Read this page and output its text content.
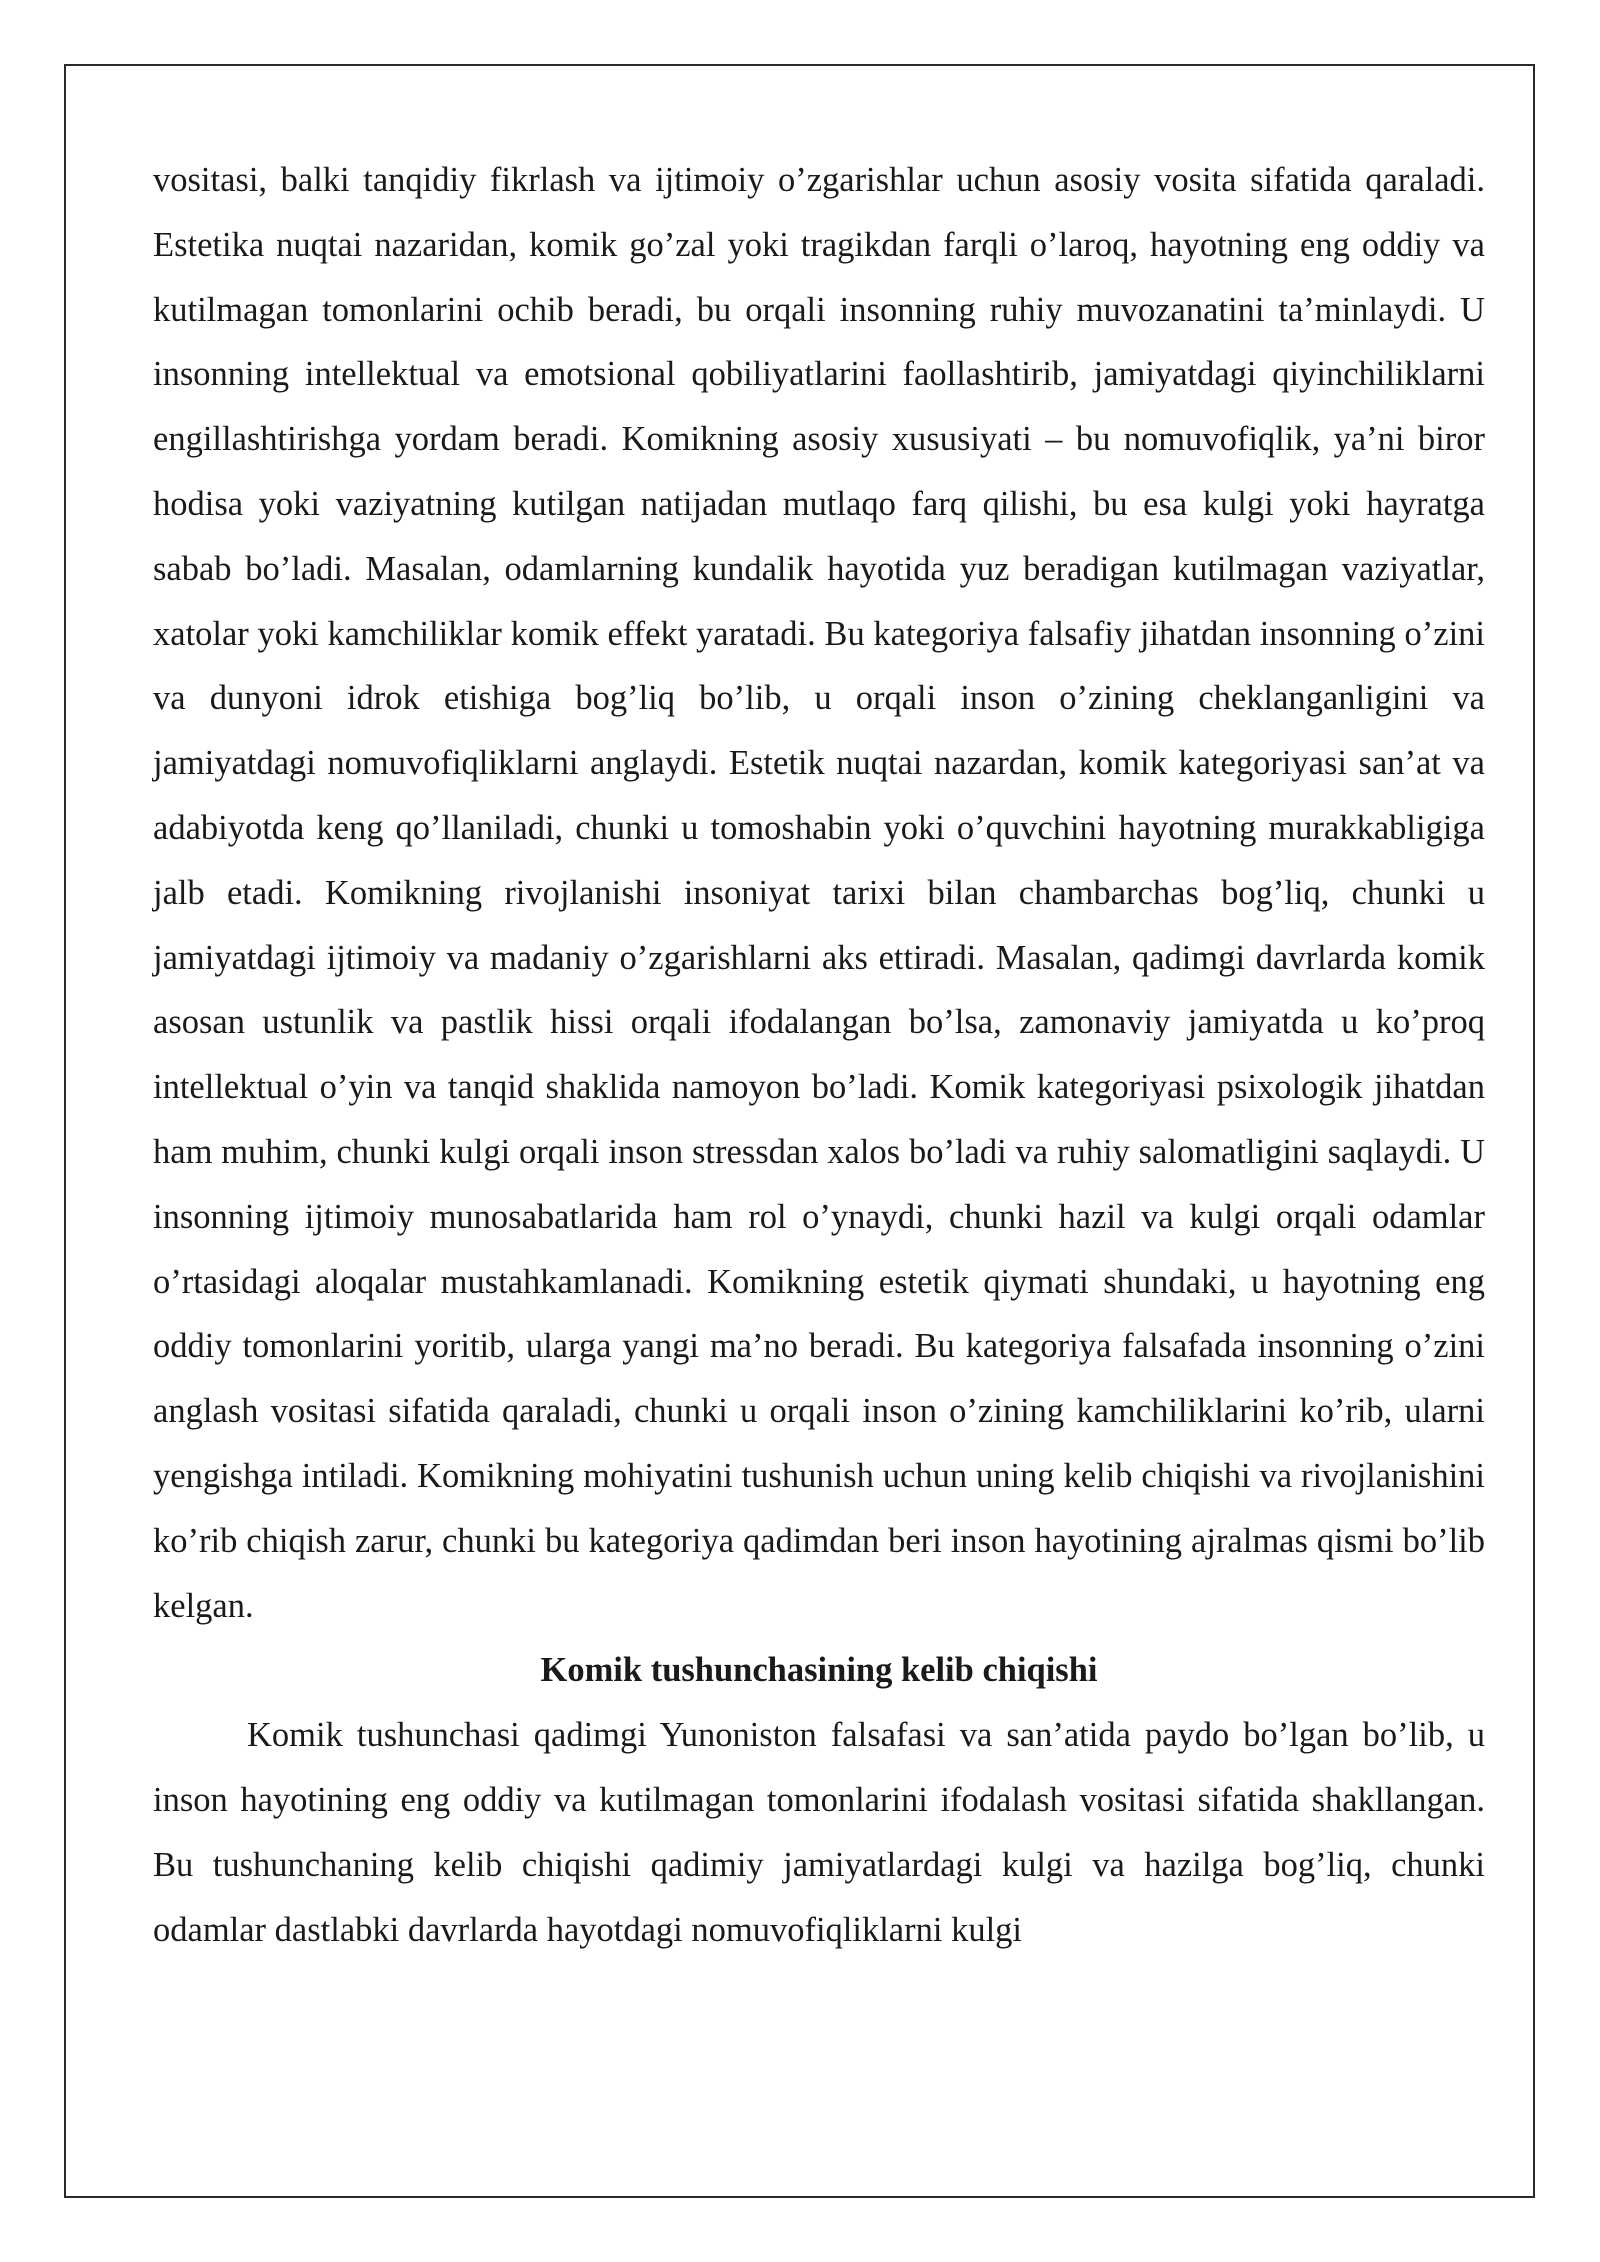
vositasi, balki tanqidiy fikrlash va ijtimoiy o’zgarishlar uchun asosiy vosita sifatida qaraladi. Estetika nuqtai nazaridan, komik go’zal yoki tragikdan farqli o’laroq, hayotning eng oddiy va kutilmagan tomonlarini ochib beradi, bu orqali insonning ruhiy muvozanatini ta’minlaydi. U insonning intellektual va emotsional qobiliyatlarini faollashtirib, jamiyatdagi qiyinchiliklarni engillashtirishga yordam beradi. Komikning asosiy xususiyati – bu nomuvofiqlik, ya’ni biror hodisa yoki vaziyatning kutilgan natijadan mutlaqo farq qilishi, bu esa kulgi yoki hayratga sabab bo’ladi. Masalan, odamlarning kundalik hayotida yuz beradigan kutilmagan vaziyatlar, xatolar yoki kamchiliklar komik effekt yaratadi. Bu kategoriya falsafiy jihatdan insonning o’zini va dunyoni idrok etishiga bog’liq bo’lib, u orqali inson o’zining cheklanganligini va jamiyatdagi nomuvofiqliklarni anglaydi. Estetik nuqtai nazardan, komik kategoriyasi san’at va adabiyotda keng qo’llaniladi, chunki u tomoshabin yoki o’quvchini hayotning murakkabligiga jalb etadi. Komikning rivojlanishi insoniyat tarixi bilan chambarchas bog’liq, chunki u jamiyatdagi ijtimoiy va madaniy o’zgarishlarni aks ettiradi. Masalan, qadimgi davrlarda komik asosan ustunlik va pastlik hissi orqali ifodalangan bo’lsa, zamonaviy jamiyatda u ko’proq intellektual o’yin va tanqid shaklida namoyon bo’ladi. Komik kategoriyasi psixologik jihatdan ham muhim, chunki kulgi orqali inson stressdan xalos bo’ladi va ruhiy salomatligini saqlaydi. U insonning ijtimoiy munosabatlarida ham rol o’ynaydi, chunki hazil va kulgi orqali odamlar o’rtasidagi aloqalar mustahkamlanadi. Komikning estetik qiymati shundaki, u hayotning eng oddiy tomonlarini yoritib, ularga yangi ma’no beradi. Bu kategoriya falsafada insonning o’zini anglash vositasi sifatida qaraladi, chunki u orqali inson o’zining kamchiliklarini ko’rib, ularni yengishga intiladi. Komikning mohiyatini tushunish uchun uning kelib chiqishi va rivojlanishini ko’rib chiqish zarur, chunki bu kategoriya qadimdan beri inson hayotining ajralmas qismi bo’lib kelgan.

Komik tushunchasining kelib chiqishi

Komik tushunchasi qadimgi Yunoniston falsafasi va san’atida paydo bo’lgan bo’lib, u inson hayotining eng oddiy va kutilmagan tomonlarini ifodalash vositasi sifatida shakllangan. Bu tushunchaning kelib chiqishi qadimiy jamiyatlardagi kulgi va hazilga bog’liq, chunki odamlar dastlabki davrlarda hayotdagi nomuvofiqliklarni kulgi
